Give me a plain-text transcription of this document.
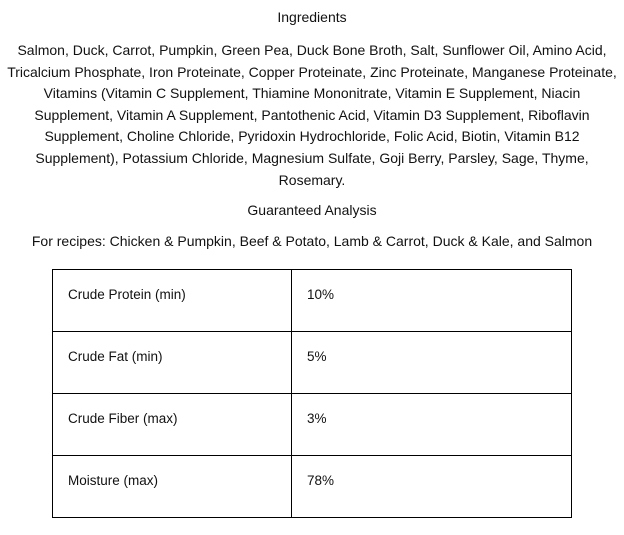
Ingredients

Salmon, Duck, Carrot, Pumpkin, Green Pea, Duck Bone Broth, Salt, Sunflower Oil, Amino Acid, Tricalcium Phosphate, Iron Proteinate, Copper Proteinate, Zinc Proteinate, Manganese Proteinate, Vitamins (Vitamin C Supplement, Thiamine Mononitrate, Vitamin E Supplement, Niacin Supplement, Vitamin A Supplement, Pantothenic Acid, Vitamin D3 Supplement, Riboflavin Supplement, Choline Chloride, Pyridoxin Hydrochloride, Folic Acid, Biotin, Vitamin B12 Supplement), Potassium Chloride, Magnesium Sulfate, Goji Berry, Parsley, Sage, Thyme, Rosemary.

Guaranteed Analysis

For recipes: Chicken & Pumpkin, Beef & Potato, Lamb & Carrot, Duck & Kale, and Salmon

Crude Protein (min)	10%
Crude Fat (min)	5%
Crude Fiber (max)	3%
Moisture (max)	78%
